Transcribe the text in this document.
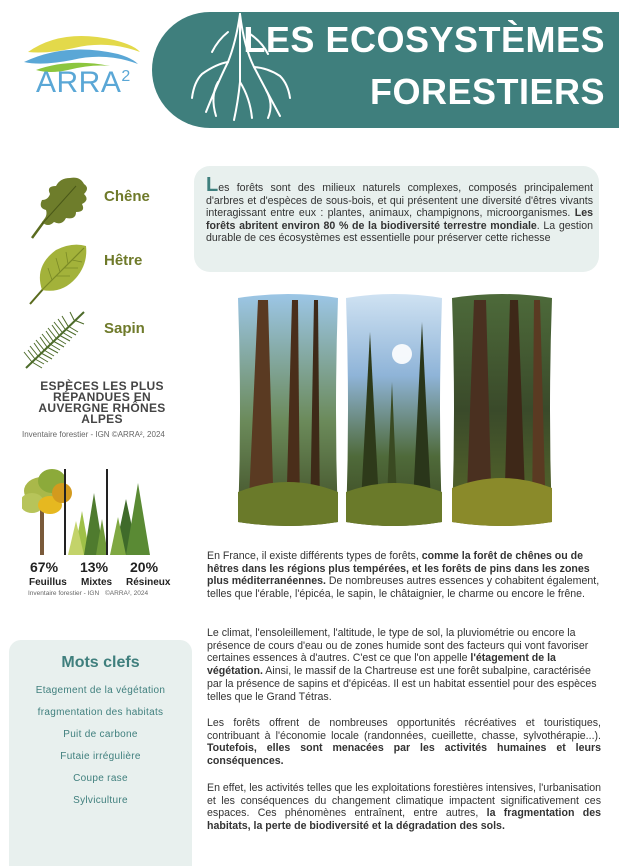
ARRA$^2$
LES ECOSYSTÈMES
FORESTIERS
Chêne
Hêtre
Sapin
ESPÈCES LES PLUS
RÉPANDUES EN
AUVERGNE RHÔNES
ALPES
Inventaire forestier - IGN ©ARRA², 2024
67% 13% 20%
Feuillus Mixtes Résineux
Inventaire forestier - IGN ©ARRA², 2024
Mots clefs
Etagement de la végétation
fragmentation des habitats
Puit de carbone
Futaie irrégulière
Coupe rase
Sylviculture
Les forêts sont des milieux naturels complexes, composés principalement d'arbres et d'espèces de sous-bois, et qui présentent une diversité d'êtres vivants interagissant entre eux : plantes, animaux, champignons, microorganismes. Les forêts abritent environ 80 % de la biodiversité terrestre mondiale. La gestion durable de ces écosystèmes est essentielle pour préserver cette richesse
En France, il existe différents types de forêts, comme la forêt de chênes ou de hêtres dans les régions plus tempérées, et les forêts de pins dans les zones plus méditerranéennes. De nombreuses autres essences y cohabitent également, telles que l'érable, l'épicéa, le sapin, le châtaignier, le charme ou encore le frêne.
Le climat, l'ensoleillement, l'altitude, le type de sol, la pluviométrie ou encore la présence de cours d'eau ou de zones humide sont des facteurs qui vont favoriser certaines essences à d'autres. C'est ce que l'on appelle l'étagement de la végétation. Ainsi, le massif de la Chartreuse est une forêt subalpine, caractérisée par la présence de sapins et d'épicéas. Il est un habitat essentiel pour des espèces telles que le Grand Tétras.
Les forêts offrent de nombreuses opportunités récréatives et touristiques, contribuant à l'économie locale (randonnées, cueillette, chasse, sylvothérapie...). Toutefois, elles sont menacées par les activités humaines et leurs conséquences.
En effet, les activités telles que les exploitations forestières intensives, l'urbanisation et les conséquences du changement climatique impactent significativement ces espaces. Ces phénomènes entraînent, entre autres, la fragmentation des habitats, la perte de biodiversité et la dégradation des sols.
